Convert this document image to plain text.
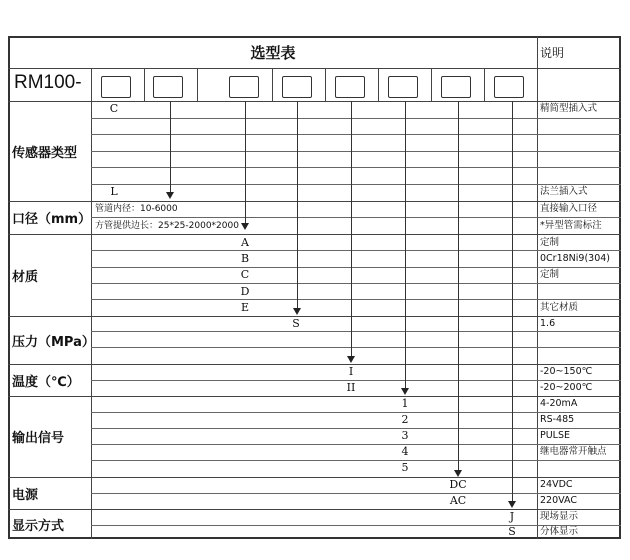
选型表	说明
RM100-
传感器类型
C	精简型插入式
L	法兰插入式
口径（mm）
管道内径：10-6000	直接输入口径
方管提供边长：25*25-2000*2000	*异型管需标注
材质
A	定制
B	0Cr18Ni9(304)
C	定制
D
E	其它材质
压力（MPa）
S	1.6
温度（℃）
I	-20~150℃
II	-20~200℃
输出信号
1	4-20mA
2	RS-485
3	PULSE
4	继电器常开触点
5
电源
DC	24VDC
AC	220VAC
显示方式
J	现场显示
S	分体显示
